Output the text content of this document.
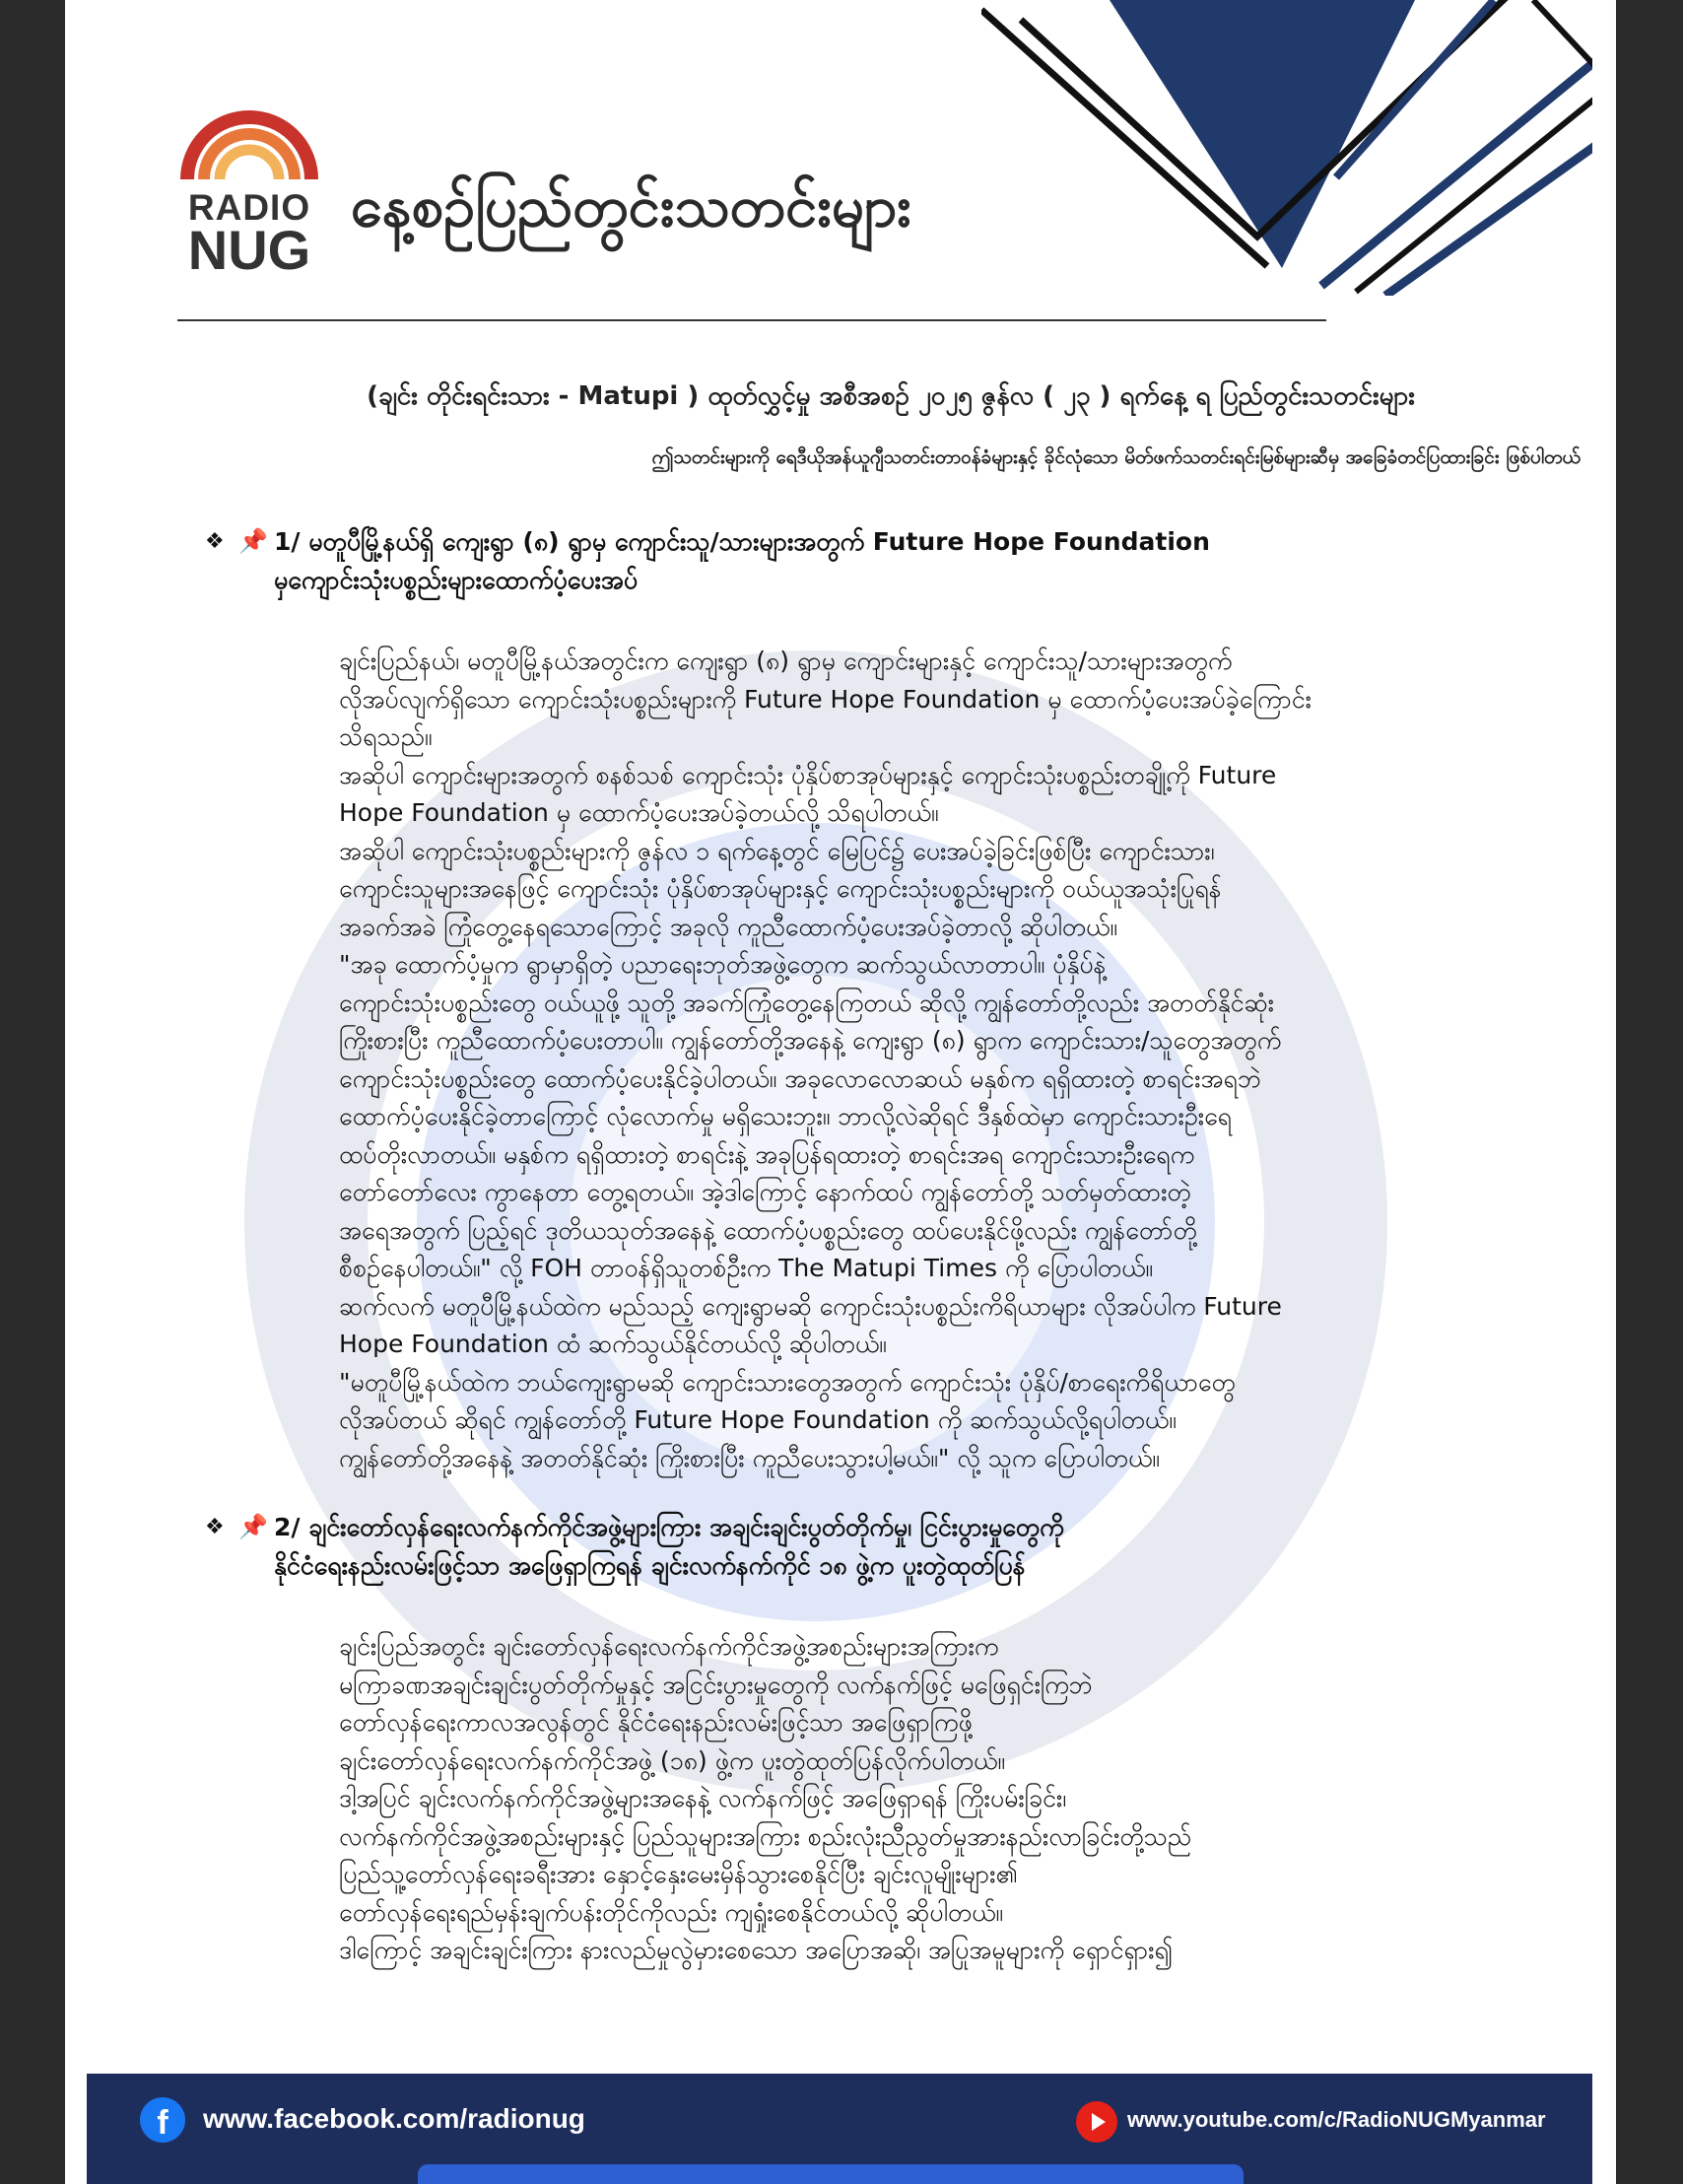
RADIO
NUG
နေ့စဉ်ပြည်တွင်းသတင်းများ
(ချင်း တိုင်းရင်းသား - Matupi ) ထုတ်လွှင့်မှု အစီအစဉ် ၂၀၂၅ ဇွန်လ ( ၂၃ ) ရက်နေ့ ရ ပြည်တွင်းသတင်းများ
ဤသတင်းများကို ရေဒီယိုအန်ယူဂျီသတင်းတာဝန်ခံများနှင့် ခိုင်လုံသော မိတ်ဖက်သတင်းရင်းမြစ်များဆီမှ အခြေခံတင်ပြထားခြင်း ဖြစ်ပါတယ်
❖ 📌 1/ မတူပီမြို့နယ်ရှိ ကျေးရွာ (၈) ရွာမှ ကျောင်းသူ/သားများအတွက် Future Hope Foundation
မှကျောင်းသုံးပစ္စည်းများထောက်ပံ့ပေးအပ်

ချင်းပြည်နယ်၊ မတူပီမြို့နယ်အတွင်းက ကျေးရွာ (၈) ရွာမှ ကျောင်းများနှင့် ကျောင်းသူ/သားများအတွက်

လိုအပ်လျက်ရှိသော ကျောင်းသုံးပစ္စည်းများကို Future Hope Foundation မှ ထောက်ပံ့ပေးအပ်ခဲ့ကြောင်း

သိရသည်။

အဆိုပါ ကျောင်းများအတွက် စနစ်သစ် ကျောင်းသုံး ပုံနှိပ်စာအုပ်များနှင့် ကျောင်းသုံးပစ္စည်းတချို့ကို Future

Hope Foundation မှ ထောက်ပံ့ပေးအပ်ခဲ့တယ်လို့ သိရပါတယ်။

အဆိုပါ ကျောင်းသုံးပစ္စည်းများကို ဇွန်လ ၁ ရက်နေ့တွင် မြေပြင်၌ ပေးအပ်ခဲ့ခြင်းဖြစ်ပြီး ကျောင်းသား၊

ကျောင်းသူများအနေဖြင့် ကျောင်းသုံး ပုံနှိပ်စာအုပ်များနှင့် ကျောင်းသုံးပစ္စည်းများကို ဝယ်ယူအသုံးပြုရန်

အခက်အခဲ ကြုံတွေ့နေရသောကြောင့် အခုလို ကူညီထောက်ပံ့ပေးအပ်ခဲ့တာလို့ ဆိုပါတယ်။

"အခု ထောက်ပံ့မှုက ရွာမှာရှိတဲ့ ပညာရေးဘုတ်အဖွဲ့တွေက ဆက်သွယ်လာတာပါ။ ပုံနှိပ်နဲ့

ကျောင်းသုံးပစ္စည်းတွေ ဝယ်ယူဖို့ သူတို့ အခက်ကြုံတွေ့နေကြတယ် ဆိုလို့ ကျွန်တော်တို့လည်း အတတ်နိုင်ဆုံး

ကြိုးစားပြီး ကူညီထောက်ပံ့ပေးတာပါ။ ကျွန်တော်တို့အနေနဲ့ ကျေးရွာ (၈) ရွာက ကျောင်းသား/သူတွေအတွက်

ကျောင်းသုံးပစ္စည်းတွေ ထောက်ပံ့ပေးနိုင်ခဲ့ပါတယ်။ အခုလောလောဆယ် မနှစ်က ရရှိထားတဲ့ စာရင်းအရဘဲ

ထောက်ပံ့ပေးနိုင်ခဲ့တာကြောင့် လုံလောက်မှု မရှိသေးဘူး။ ဘာလို့လဲဆိုရင် ဒီနှစ်ထဲမှာ ကျောင်းသားဦးရေ

ထပ်တိုးလာတယ်။ မနှစ်က ရရှိထားတဲ့ စာရင်းနဲ့ အခုပြန်ရထားတဲ့ စာရင်းအရ ကျောင်းသားဦးရေက

တော်တော်လေး ကွာနေတာ တွေ့ရတယ်။ အဲ့ဒါကြောင့် နောက်ထပ် ကျွန်တော်တို့ သတ်မှတ်ထားတဲ့

အရေအတွက် ပြည့်ရင် ဒုတိယသုတ်အနေနဲ့ ထောက်ပံ့ပစ္စည်းတွေ ထပ်ပေးနိုင်ဖို့လည်း ကျွန်တော်တို့

စီစဉ်နေပါတယ်။" လို့ FOH တာဝန်ရှိသူတစ်ဦးက The Matupi Times ကို ပြောပါတယ်။

ဆက်လက် မတူပီမြို့နယ်ထဲက မည်သည့် ကျေးရွာမဆို ကျောင်းသုံးပစ္စည်းကိရိယာများ လိုအပ်ပါက Future

Hope Foundation ထံ ဆက်သွယ်နိုင်တယ်လို့ ဆိုပါတယ်။

"မတူပီမြို့နယ်ထဲက ဘယ်ကျေးရွာမဆို ကျောင်းသားတွေအတွက် ကျောင်းသုံး ပုံနှိပ်/စာရေးကိရိယာတွေ

လိုအပ်တယ် ဆိုရင် ကျွန်တော်တို့ Future Hope Foundation ကို ဆက်သွယ်လို့ရပါတယ်။

ကျွန်တော်တို့အနေနဲ့ အတတ်နိုင်ဆုံး ကြိုးစားပြီး ကူညီပေးသွားပါ့မယ်။" လို့ သူက ပြောပါတယ်။

❖ 📌 2/ ချင်းတော်လှန်ရေးလက်နက်ကိုင်အဖွဲ့များကြား အချင်းချင်းပွတ်တိုက်မှု၊ ငြင်းပွားမှုတွေကို
နိုင်ငံရေးနည်းလမ်းဖြင့်သာ အဖြေရှာကြရန် ချင်းလက်နက်ကိုင် ၁၈ ဖွဲ့က ပူးတွဲထုတ်ပြန်

ချင်းပြည်အတွင်း ချင်းတော်လှန်ရေးလက်နက်ကိုင်အဖွဲ့အစည်းများအကြားက

မကြာခဏအချင်းချင်းပွတ်တိုက်မှုနှင့် အငြင်းပွားမှုတွေကို လက်နက်ဖြင့် မဖြေရှင်းကြဘဲ

တော်လှန်ရေးကာလအလွန်တွင် နိုင်ငံရေးနည်းလမ်းဖြင့်သာ အဖြေရှာကြဖို့

ချင်းတော်လှန်ရေးလက်နက်ကိုင်အဖွဲ့ (၁၈) ဖွဲ့က ပူးတွဲထုတ်ပြန်လိုက်ပါတယ်။

ဒါ့အပြင် ချင်းလက်နက်ကိုင်အဖွဲ့များအနေနဲ့ လက်နက်ဖြင့် အဖြေရှာရန် ကြိုးပမ်းခြင်း၊

လက်နက်ကိုင်အဖွဲ့အစည်းများနှင့် ပြည်သူများအကြား စည်းလုံးညီညွတ်မှုအားနည်းလာခြင်းတို့သည်

ပြည်သူ့တော်လှန်ရေးခရီးအား နှောင့်နှေးမေးမှိန်သွားစေနိုင်ပြီး ချင်းလူမျိုးများ၏

တော်လှန်ရေးရည်မှန်းချက်ပန်းတိုင်ကိုလည်း ကျရှုံးစေနိုင်တယ်လို့ ဆိုပါတယ်။

ဒါကြောင့် အချင်းချင်းကြား နားလည်မှုလွဲမှားစေသော အပြောအဆို၊ အပြုအမူများကို ရှောင်ရှား၍

f	www.facebook.com/radionug	www.youtube.com/c/RadioNUGMyanmar
